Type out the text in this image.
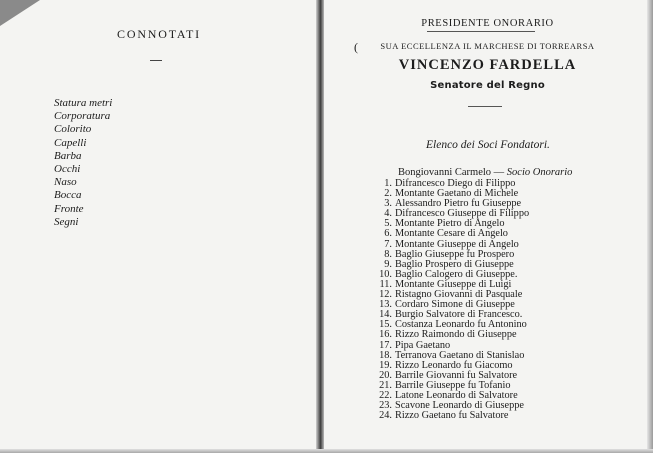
CONNOTATI
Statura metri
Corporatura
Colorito
Capelli
Barba
Occhi
Naso
Bocca
Fronte
Segni
(
PRESIDENTE ONORARIO
SUA ECCELLENZA IL MARCHESE DI TORREARSA
VINCENZO FARDELLA
Senatore del Regno
Elenco dei Soci Fondatori.
Bongiovanni Carmelo — Socio Onorario
1. Difrancesco Diego di Filippo
2. Montante Gaetano di Michele
3. Alessandro Pietro fu Giuseppe
4. Difrancesco Giuseppe di Filippo
5. Montante Pietro di Angelo
6. Montante Cesare di Angelo
7. Montante Giuseppe di Angelo
8. Baglio Giuseppe fu Prospero
9. Baglio Prospero di Giuseppe
10. Baglio Calogero di Giuseppe.
11. Montante Giuseppe di Luigi
12. Ristagno Giovanni di Pasquale
13. Cordaro Simone di Giuseppe
14. Burgio Salvatore di Francesco.
15. Costanza Leonardo fu Antonino
16. Rizzo Raimondo di Giuseppe
17. Pipa Gaetano
18. Terranova Gaetano di Stanislao
19. Rizzo Leonardo fu Giacomo
20. Barrile Giovanni fu Salvatore
21. Barrile Giuseppe fu Tofanio
22. Latone Leonardo di Salvatore
23. Scavone Leonardo di Giuseppe
24. Rizzo Gaetano fu Salvatore
